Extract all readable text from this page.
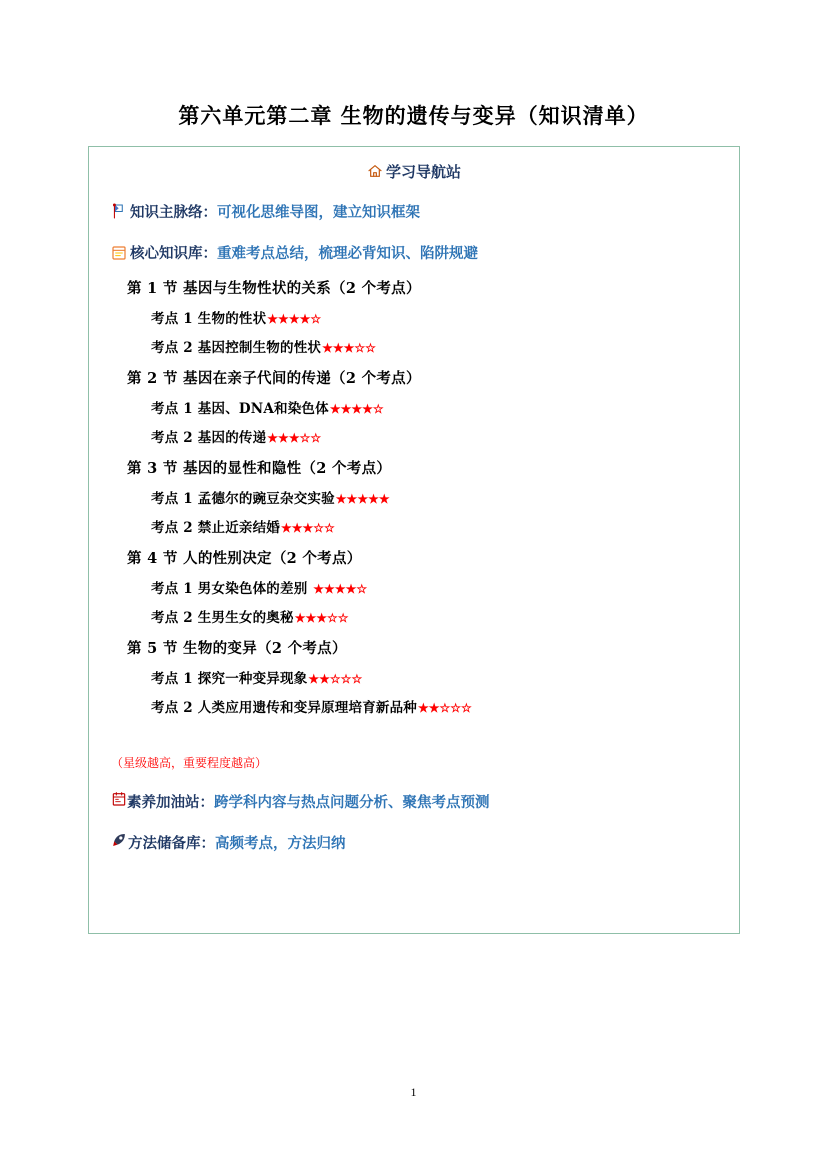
第六单元第二章 生物的遗传与变异（知识清单）
学习导航站
知识主脉络：可视化思维导图，建立知识框架
核心知识库：重难考点总结，梳理必背知识、陷阱规避
第 1 节 基因与生物性状的关系（2 个考点）
考点 1 生物的性状★★★★☆
考点 2 基因控制生物的性状★★★☆☆
第 2 节 基因在亲子代间的传递（2 个考点）
考点 1 基因、DNA和染色体★★★★☆
考点 2 基因的传递★★★☆☆
第 3 节 基因的显性和隐性（2 个考点）
考点 1 孟德尔的豌豆杂交实验★★★★★
考点 2 禁止近亲结婚★★★☆☆
第 4 节 人的性别决定（2 个考点）
考点 1 男女染色体的差别 ★★★★☆
考点 2 生男生女的奥秘★★★☆☆
第 5 节 生物的变异（2 个考点）
考点 1 探究一种变异现象★★☆☆☆
考点 2 人类应用遗传和变异原理培育新品种★★☆☆☆
（星级越高，重要程度越高）
素养加油站：跨学科内容与热点问题分析、聚焦考点预测
方法储备库：高频考点，方法归纳
1
